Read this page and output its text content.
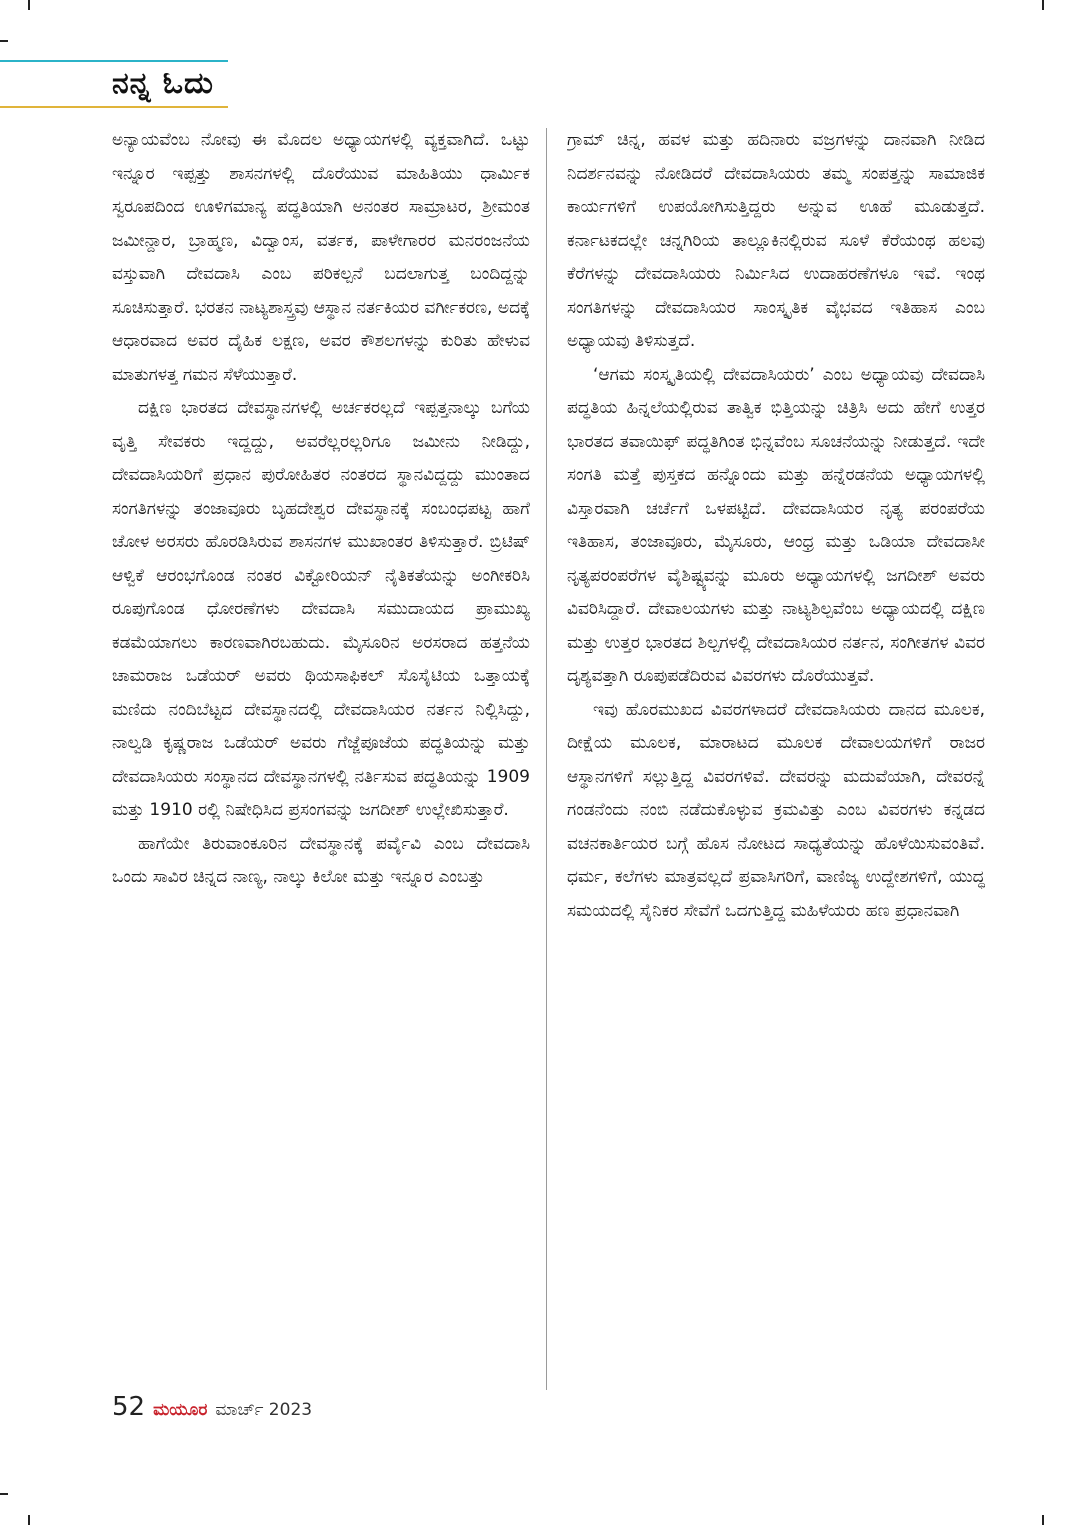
ನನ್ನ ಓದು

ಅನ್ಯಾಯವೆಂಬ ನೋವು ಈ ಮೊದಲ ಅಧ್ಯಾಯಗಳಲ್ಲಿ ವ್ಯಕ್ತವಾಗಿದೆ. ಒಟ್ಟು ಇನ್ನೂರ ಇಪ್ಪತ್ತು ಶಾಸನಗಳಲ್ಲಿ ದೊರೆಯುವ ಮಾಹಿತಿಯು ಧಾರ್ಮಿಕ ಸ್ವರೂಪದಿಂದ ಊಳಿಗಮಾನ್ಯ ಪದ್ಧತಿಯಾಗಿ ಅನಂತರ ಸಾಮ್ರಾಟರ, ಶ್ರೀಮಂತ ಜಮೀನ್ದಾರ, ಬ್ರಾಹ್ಮಣ, ವಿದ್ವಾಂಸ, ವರ್ತಕ, ಪಾಳೇಗಾರರ ಮನರಂಜನೆಯ ವಸ್ತುವಾಗಿ ದೇವದಾಸಿ ಎಂಬ ಪರಿಕಲ್ಪನೆ ಬದಲಾಗುತ್ತ ಬಂದಿದ್ದನ್ನು ಸೂಚಿಸುತ್ತಾರೆ. ಭರತನ ನಾಟ್ಯಶಾಸ್ತ್ರವು ಆಸ್ಥಾನ ನರ್ತಕಿಯರ ವರ್ಗೀಕರಣ, ಅದಕ್ಕೆ ಆಧಾರವಾದ ಅವರ ದೈಹಿಕ ಲಕ್ಷಣ, ಅವರ ಕೌಶಲಗಳನ್ನು ಕುರಿತು ಹೇಳುವ ಮಾತುಗಳತ್ತ ಗಮನ ಸೆಳೆಯುತ್ತಾರೆ.

ದಕ್ಷಿಣ ಭಾರತದ ದೇವಸ್ಥಾನಗಳಲ್ಲಿ ಅರ್ಚಕರಲ್ಲದೆ ಇಪ್ಪತ್ತನಾಲ್ಕು ಬಗೆಯ ವೃತ್ತಿ ಸೇವಕರು ಇದ್ದದ್ದು, ಅವರೆಲ್ಲರಲ್ಲರಿಗೂ ಜಮೀನು ನೀಡಿದ್ದು, ದೇವದಾಸಿಯರಿಗೆ ಪ್ರಧಾನ ಪುರೋಹಿತರ ನಂತರದ ಸ್ಥಾನವಿದ್ದದ್ದು ಮುಂತಾದ ಸಂಗತಿಗಳನ್ನು ತಂಜಾವೂರು ಬೃಹದೇಶ್ವರ ದೇವಸ್ಥಾನಕ್ಕೆ ಸಂಬಂಧಪಟ್ಟ ಹಾಗೆ ಚೋಳ ಅರಸರು ಹೊರಡಿಸಿರುವ ಶಾಸನಗಳ ಮುಖಾಂತರ ತಿಳಿಸುತ್ತಾರೆ. ಬ್ರಿಟಿಷ್ ಆಳ್ವಿಕೆ ಆರಂಭಗೊಂಡ ನಂತರ ವಿಕ್ಟೋರಿಯನ್ ನೈತಿಕತೆಯನ್ನು ಅಂಗೀಕರಿಸಿ ರೂಪುಗೊಂಡ ಧೋರಣೆಗಳು ದೇವದಾಸಿ ಸಮುದಾಯದ ಪ್ರಾಮುಖ್ಯ ಕಡಮೆಯಾಗಲು ಕಾರಣವಾಗಿರಬಹುದು. ಮೈಸೂರಿನ ಅರಸರಾದ ಹತ್ತನೆಯ ಚಾಮರಾಜ ಒಡೆಯರ್ ಅವರು ಥಿಯಸಾಫಿಕಲ್ ಸೊಸೈಟಿಯ ಒತ್ತಾಯಕ್ಕೆ ಮಣಿದು ನಂದಿಬೆಟ್ಟದ ದೇವಸ್ಥಾನದಲ್ಲಿ ದೇವದಾಸಿಯರ ನರ್ತನ ನಿಲ್ಲಿಸಿದ್ದು, ನಾಲ್ವಡಿ ಕೃಷ್ಣರಾಜ ಒಡೆಯರ್ ಅವರು ಗೆಜ್ಜೆಪೂಜೆಯ ಪದ್ಧತಿಯನ್ನು ಮತ್ತು ದೇವದಾಸಿಯರು ಸಂಸ್ಥಾನದ ದೇವಸ್ಥಾನಗಳಲ್ಲಿ ನರ್ತಿಸುವ ಪದ್ಧತಿಯನ್ನು 1909 ಮತ್ತು 1910 ರಲ್ಲಿ ನಿಷೇಧಿಸಿದ ಪ್ರಸಂಗವನ್ನು ಜಗದೀಶ್ ಉಲ್ಲೇಖಿಸುತ್ತಾರೆ.

ಹಾಗೆಯೇ ತಿರುವಾಂಕೂರಿನ ದೇವಸ್ಥಾನಕ್ಕೆ ಪರ್ವೈವಿ ಎಂಬ ದೇವದಾಸಿ ಒಂದು ಸಾವಿರ ಚಿನ್ನದ ನಾಣ್ಯ, ನಾಲ್ಕು ಕಿಲೋ ಮತ್ತು ಇನ್ನೂರ ಎಂಬತ್ತು

ಗ್ರಾಮ್ ಚಿನ್ನ, ಹವಳ ಮತ್ತು ಹದಿನಾರು ವಜ್ರಗಳನ್ನು ದಾನವಾಗಿ ನೀಡಿದ ನಿದರ್ಶನವನ್ನು ನೋಡಿದರೆ ದೇವದಾಸಿಯರು ತಮ್ಮ ಸಂಪತ್ತನ್ನು ಸಾಮಾಜಿಕ ಕಾರ್ಯಗಳಿಗೆ ಉಪಯೋಗಿಸುತ್ತಿದ್ದರು ಅನ್ನುವ ಊಹೆ ಮೂಡುತ್ತದೆ. ಕರ್ನಾಟಕದಲ್ಲೇ ಚನ್ನಗಿರಿಯ ತಾಲ್ಲೂಕಿನಲ್ಲಿರುವ ಸೂಳೆ ಕೆರೆಯಂಥ ಹಲವು ಕೆರೆಗಳನ್ನು ದೇವದಾಸಿಯರು ನಿರ್ಮಿಸಿದ ಉದಾಹರಣೆಗಳೂ ಇವೆ. ಇಂಥ ಸಂಗತಿಗಳನ್ನು ದೇವದಾಸಿಯರ ಸಾಂಸ್ಕೃತಿಕ ವೈಭವದ ಇತಿಹಾಸ ಎಂಬ ಅಧ್ಯಾಯವು ತಿಳಿಸುತ್ತದೆ.

‘ಆಗಮ ಸಂಸ್ಕೃತಿಯಲ್ಲಿ ದೇವದಾಸಿಯರು’ ಎಂಬ ಅಧ್ಯಾಯವು ದೇವದಾಸಿ ಪದ್ಧತಿಯ ಹಿನ್ನಲೆಯಲ್ಲಿರುವ ತಾತ್ವಿಕ ಭಿತ್ತಿಯನ್ನು ಚಿತ್ರಿಸಿ ಅದು ಹೇಗೆ ಉತ್ತರ ಭಾರತದ ತವಾಯಿಫ್ ಪದ್ಧತಿಗಿಂತ ಭಿನ್ನವೆಂಬ ಸೂಚನೆಯನ್ನು ನೀಡುತ್ತದೆ. ಇದೇ ಸಂಗತಿ ಮತ್ತೆ ಪುಸ್ತಕದ ಹನ್ನೊಂದು ಮತ್ತು ಹನ್ನೆರಡನೆಯ ಅಧ್ಯಾಯಗಳಲ್ಲಿ ವಿಸ್ತಾರವಾಗಿ ಚರ್ಚೆಗೆ ಒಳಪಟ್ಟಿದೆ. ದೇವದಾಸಿಯರ ನೃತ್ಯ ಪರಂಪರೆಯ ಇತಿಹಾಸ, ತಂಜಾವೂರು, ಮೈಸೂರು, ಆಂಧ್ರ ಮತ್ತು ಒಡಿಯಾ ದೇವದಾಸೀ ನೃತ್ಯಪರಂಪರೆಗಳ ವೈಶಿಷ್ಟ್ಯವನ್ನು ಮೂರು ಅಧ್ಯಾಯಗಳಲ್ಲಿ ಜಗದೀಶ್ ಅವರು ವಿವರಿಸಿದ್ದಾರೆ. ದೇವಾಲಯಗಳು ಮತ್ತು ನಾಟ್ಯಶಿಲ್ಪವೆಂಬ ಅಧ್ಯಾಯದಲ್ಲಿ ದಕ್ಷಿಣ ಮತ್ತು ಉತ್ತರ ಭಾರತದ ಶಿಲ್ಪಗಳಲ್ಲಿ ದೇವದಾಸಿಯರ ನರ್ತನ, ಸಂಗೀತಗಳ ವಿವರ ದೃಶ್ಯವತ್ತಾಗಿ ರೂಪುಪಡೆದಿರುವ ವಿವರಗಳು ದೊರೆಯುತ್ತವೆ.

ಇವು ಹೊರಮುಖದ ವಿವರಗಳಾದರೆ ದೇವದಾಸಿಯರು ದಾನದ ಮೂಲಕ, ದೀಕ್ಷೆಯ ಮೂಲಕ, ಮಾರಾಟದ ಮೂಲಕ ದೇವಾಲಯಗಳಿಗೆ ರಾಜರ ಆಸ್ಥಾನಗಳಿಗೆ ಸಲ್ಲುತ್ತಿದ್ದ ವಿವರಗಳಿವೆ. ದೇವರನ್ನು ಮದುವೆಯಾಗಿ, ದೇವರನ್ನೆ ಗಂಡನೆಂದು ನಂಬಿ ನಡೆದುಕೊಳ್ಳುವ ಕ್ರಮವಿತ್ತು ಎಂಬ ವಿವರಗಳು ಕನ್ನಡದ ವಚನಕಾರ್ತಿಯರ ಬಗ್ಗೆ ಹೊಸ ನೋಟದ ಸಾಧ್ಯತೆಯನ್ನು ಹೊಳೆಯಿಸುವಂತಿವೆ. ಧರ್ಮ, ಕಲೆಗಳು ಮಾತ್ರವಲ್ಲದೆ ಪ್ರವಾಸಿಗರಿಗೆ, ವಾಣಿಜ್ಯ ಉದ್ದೇಶಗಳಿಗೆ, ಯುದ್ಧ ಸಮಯದಲ್ಲಿ ಸೈನಿಕರ ಸೇವೆಗೆ ಒದಗುತ್ತಿದ್ದ ಮಹಿಳೆಯರು ಹಣ ಪ್ರಧಾನವಾಗಿ

52 ಮಯೂರ ಮಾರ್ಚ್ 2023
